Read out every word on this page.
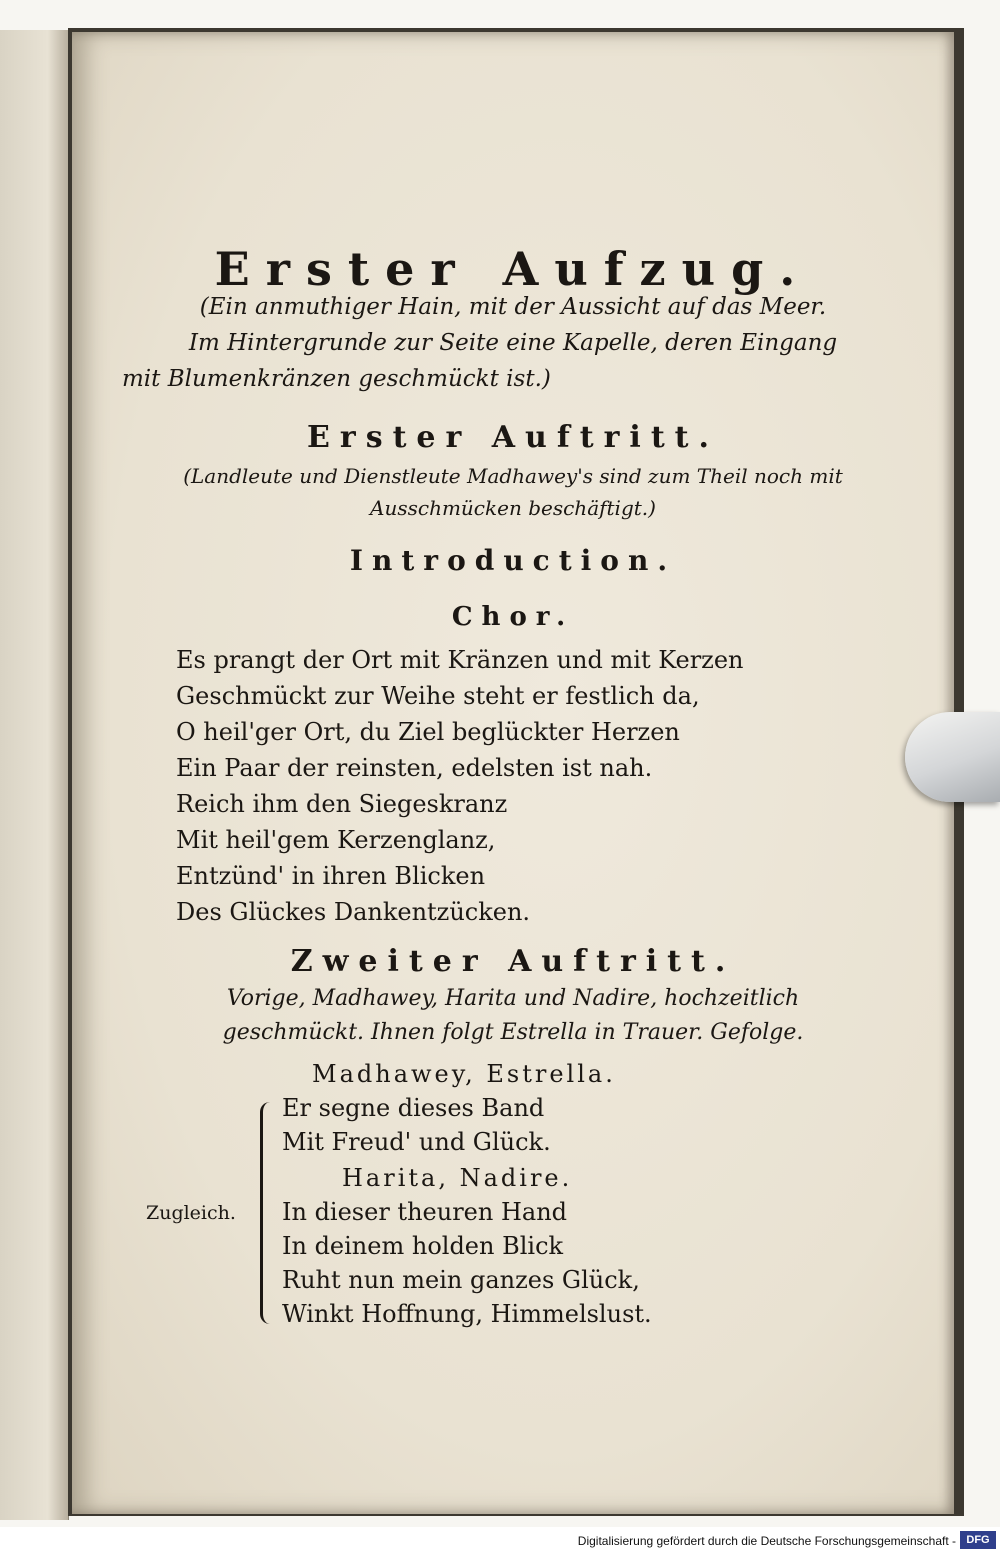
Erster Aufzug.
(Ein anmuthiger Hain, mit der Aussicht auf das Meer.
Im Hintergrunde zur Seite eine Kapelle, deren Eingang
mit Blumenkränzen geschmückt ist.)
Erster Auftritt.
(Landleute und Dienstleute Madhawey's sind zum Theil noch mit
Ausschmücken beschäftigt.)
Introduction.
Chor.
Es prangt der Ort mit Kränzen und mit Kerzen
Geschmückt zur Weihe steht er festlich da,
O heil'ger Ort, du Ziel beglückter Herzen
Ein Paar der reinsten, edelsten ist nah.
Reich ihm den Siegeskranz
Mit heil'gem Kerzenglanz,
Entzünd' in ihren Blicken
Des Glückes Dankentzücken.
Zweiter Auftritt.
Vorige, Madhawey, Harita und Nadire, hochzeitlich
geschmückt. Ihnen folgt Estrella in Trauer. Gefolge.
Madhawey, Estrella.
Er segne dieses Band
Mit Freud' und Glück.
Harita, Nadire.
In dieser theuren Hand
In deinem holden Blick
Ruht nun mein ganzes Glück,
Winkt Hoffnung, Himmelslust.
Zugleich.
Digitalisierung gefördert durch die Deutsche Forschungsgemeinschaft - DFG
